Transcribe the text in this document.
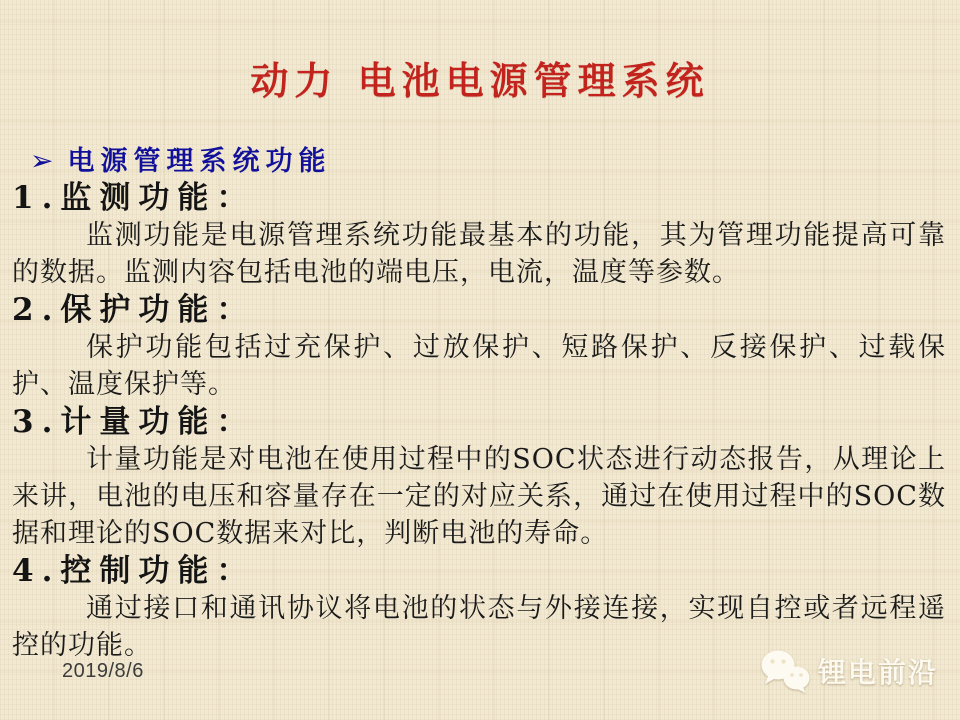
动力 电池电源管理系统
➢ 电源管理系统功能
1.监测功能：
监测功能是电源管理系统功能最基本的功能，其为管理功能提高可靠的数据。监测内容包括电池的端电压，电流，温度等参数。
2.保护功能：
保护功能包括过充保护、过放保护、短路保护、反接保护、过载保护、温度保护等。
3.计量功能：
计量功能是对电池在使用过程中的SOC状态进行动态报告，从理论上来讲，电池的电压和容量存在一定的对应关系，通过在使用过程中的SOC数据和理论的SOC数据来对比，判断电池的寿命。
4.控制功能：
通过接口和通讯协议将电池的状态与外接连接，实现自控或者远程遥控的功能。
2019/8/6	锂电前沿
